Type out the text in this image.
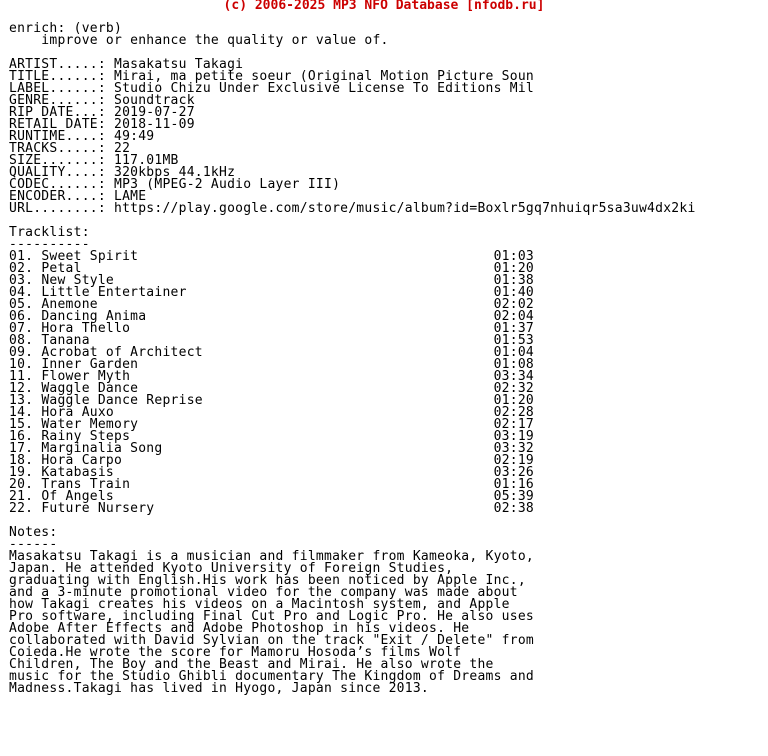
(c) 2006-2025 MP3 NFO Database [nfodb.ru]
enrich: (verb)
improve or enhance the quality or value of.

ARTIST.....: Masakatsu Takagi
TITLE......: Mirai, ma petite soeur (Original Motion Picture Soun
LABEL......: Studio Chizu Under Exclusive License To Editions Mil
GENRE......: Soundtrack
RIP DATE...: 2019-07-27
RETAIL DATE: 2018-11-09
RUNTIME....: 49:49
TRACKS.....: 22
SIZE.......: 117.01MB
QUALITY....: 320kbps 44.1kHz
CODEC......: MP3 (MPEG-2 Audio Layer III)
ENCODER....: LAME
URL........: https://play.google.com/store/music/album?id=Boxlr5gq7nhuiqr5sa3uw4dx2ki

Tracklist:
----------
01. Sweet Spirit	01:03
02. Petal	01:20
03. New Style	01:38
04. Little Entertainer	01:40
05. Anemone	02:02
06. Dancing Anima	02:04
07. Hora Thello	01:37
08. Tanana	01:53
09. Acrobat of Architect	01:04
10. Inner Garden	01:08
11. Flower Myth	03:34
12. Waggle Dance	02:32
13. Waggle Dance Reprise	01:20
14. Hora Auxo	02:28
15. Water Memory	02:17
16. Rainy Steps	03:19
17. Marginalia Song	03:32
18. Hora Carpo	02:19
19. Katabasis	03:26
20. Trans Train	01:16
21. Of Angels	05:39
22. Future Nursery	02:38

Notes:
------
Masakatsu Takagi is a musician and filmmaker from Kameoka, Kyoto,
Japan. He attended Kyoto University of Foreign Studies,
graduating with English.His work has been noticed by Apple Inc.,
and a 3-minute promotional video for the company was made about
how Takagi creates his videos on a Macintosh system, and Apple
Pro software, including Final Cut Pro and Logic Pro. He also uses
Adobe After Effects and Adobe Photoshop in his videos. He
collaborated with David Sylvian on the track "Exit / Delete" from
Coieda.He wrote the score for Mamoru Hosoda’s films Wolf
Children, The Boy and the Beast and Mirai. He also wrote the
music for the Studio Ghibli documentary The Kingdom of Dreams and
Madness.Takagi has lived in Hyogo, Japan since 2013.
